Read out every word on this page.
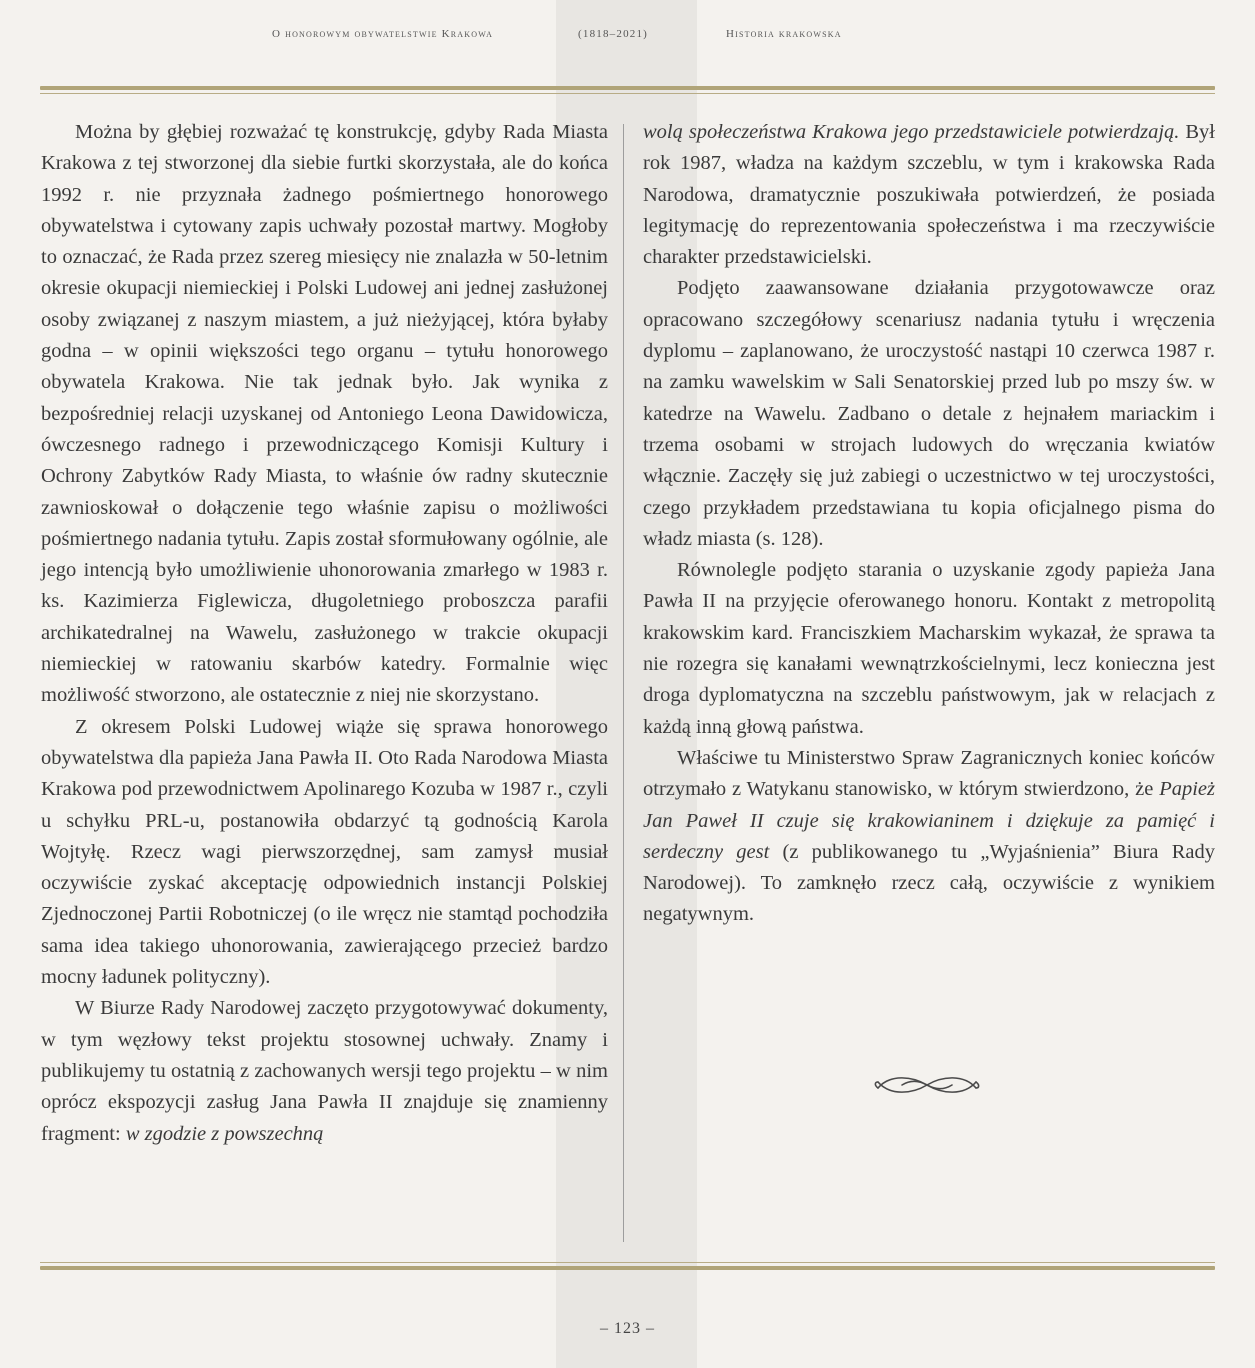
O honorowym obywatelstwie Krakowa	(1818–2021)	Historia krakowska

Można by głębiej rozważać tę konstrukcję, gdyby Rada Miasta Krakowa z tej stworzonej dla siebie furtki skorzystała, ale do końca 1992 r. nie przyznała żadnego pośmiertnego honorowego obywatelstwa i cytowany zapis uchwały pozostał martwy. Mogłoby to oznaczać, że Rada przez szereg miesięcy nie znalazła w 50-letnim okresie okupacji niemieckiej i Polski Ludowej ani jednej zasłużonej osoby związanej z naszym miastem, a już nieżyjącej, która byłaby godna – w opinii większości tego organu – tytułu honorowego obywatela Krakowa. Nie tak jednak było. Jak wynika z bezpośredniej relacji uzyskanej od Antoniego Leona Dawidowicza, ówczesnego radnego i przewodniczącego Komisji Kultury i Ochrony Zabytków Rady Miasta, to właśnie ów radny skutecznie zawnioskował o dołączenie tego właśnie zapisu o możliwości pośmiertnego nadania tytułu. Zapis został sformułowany ogólnie, ale jego intencją było umożliwienie uhonorowania zmarłego w 1983 r. ks. Kazimierza Figlewicza, długoletniego proboszcza parafii archikatedralnej na Wawelu, zasłużonego w trakcie okupacji niemieckiej w ratowaniu skarbów katedry. Formalnie więc możliwość stworzono, ale ostatecznie z niej nie skorzystano.

Z okresem Polski Ludowej wiąże się sprawa honorowego obywatelstwa dla papieża Jana Pawła II. Oto Rada Narodowa Miasta Krakowa pod przewodnictwem Apolinarego Kozuba w 1987 r., czyli u schyłku PRL-u, postanowiła obdarzyć tą godnością Karola Wojtyłę. Rzecz wagi pierwszorzędnej, sam zamysł musiał oczywiście zyskać akceptację odpowiednich instancji Polskiej Zjednoczonej Partii Robotniczej (o ile wręcz nie stamtąd pochodziła sama idea takiego uhonorowania, zawierającego przecież bardzo mocny ładunek polityczny).

W Biurze Rady Narodowej zaczęto przygotowywać dokumenty, w tym węzłowy tekst projektu stosownej uchwały. Znamy i publikujemy tu ostatnią z zachowanych wersji tego projektu – w nim oprócz ekspozycji zasług Jana Pawła II znajduje się znamienny fragment: w zgodzie z powszechną

wolą społeczeństwa Krakowa jego przedstawiciele potwierdzają. Był rok 1987, władza na każdym szczeblu, w tym i krakowska Rada Narodowa, dramatycznie poszukiwała potwierdzeń, że posiada legitymację do reprezentowania społeczeństwa i ma rzeczywiście charakter przedstawicielski.

Podjęto zaawansowane działania przygotowawcze oraz opracowano szczegółowy scenariusz nadania tytułu i wręczenia dyplomu – zaplanowano, że uroczystość nastąpi 10 czerwca 1987 r. na zamku wawelskim w Sali Senatorskiej przed lub po mszy św. w katedrze na Wawelu. Zadbano o detale z hejnałem mariackim i trzema osobami w strojach ludowych do wręczania kwiatów włącznie. Zaczęły się już zabiegi o uczestnictwo w tej uroczystości, czego przykładem przedstawiana tu kopia oficjalnego pisma do władz miasta (s. 128).

Równolegle podjęto starania o uzyskanie zgody papieża Jana Pawła II na przyjęcie oferowanego honoru. Kontakt z metropolitą krakowskim kard. Franciszkiem Macharskim wykazał, że sprawa ta nie rozegra się kanałami wewnątrzkościelnymi, lecz konieczna jest droga dyplomatyczna na szczeblu państwowym, jak w relacjach z każdą inną głową państwa.

Właściwe tu Ministerstwo Spraw Zagranicznych koniec końców otrzymało z Watykanu stanowisko, w którym stwierdzono, że Papież Jan Paweł II czuje się krakowianinem i dziękuje za pamięć i serdeczny gest (z publikowanego tu „Wyjaśnienia” Biura Rady Narodowej). To zamknęło rzecz całą, oczywiście z wynikiem negatywnym.

– 123 –
